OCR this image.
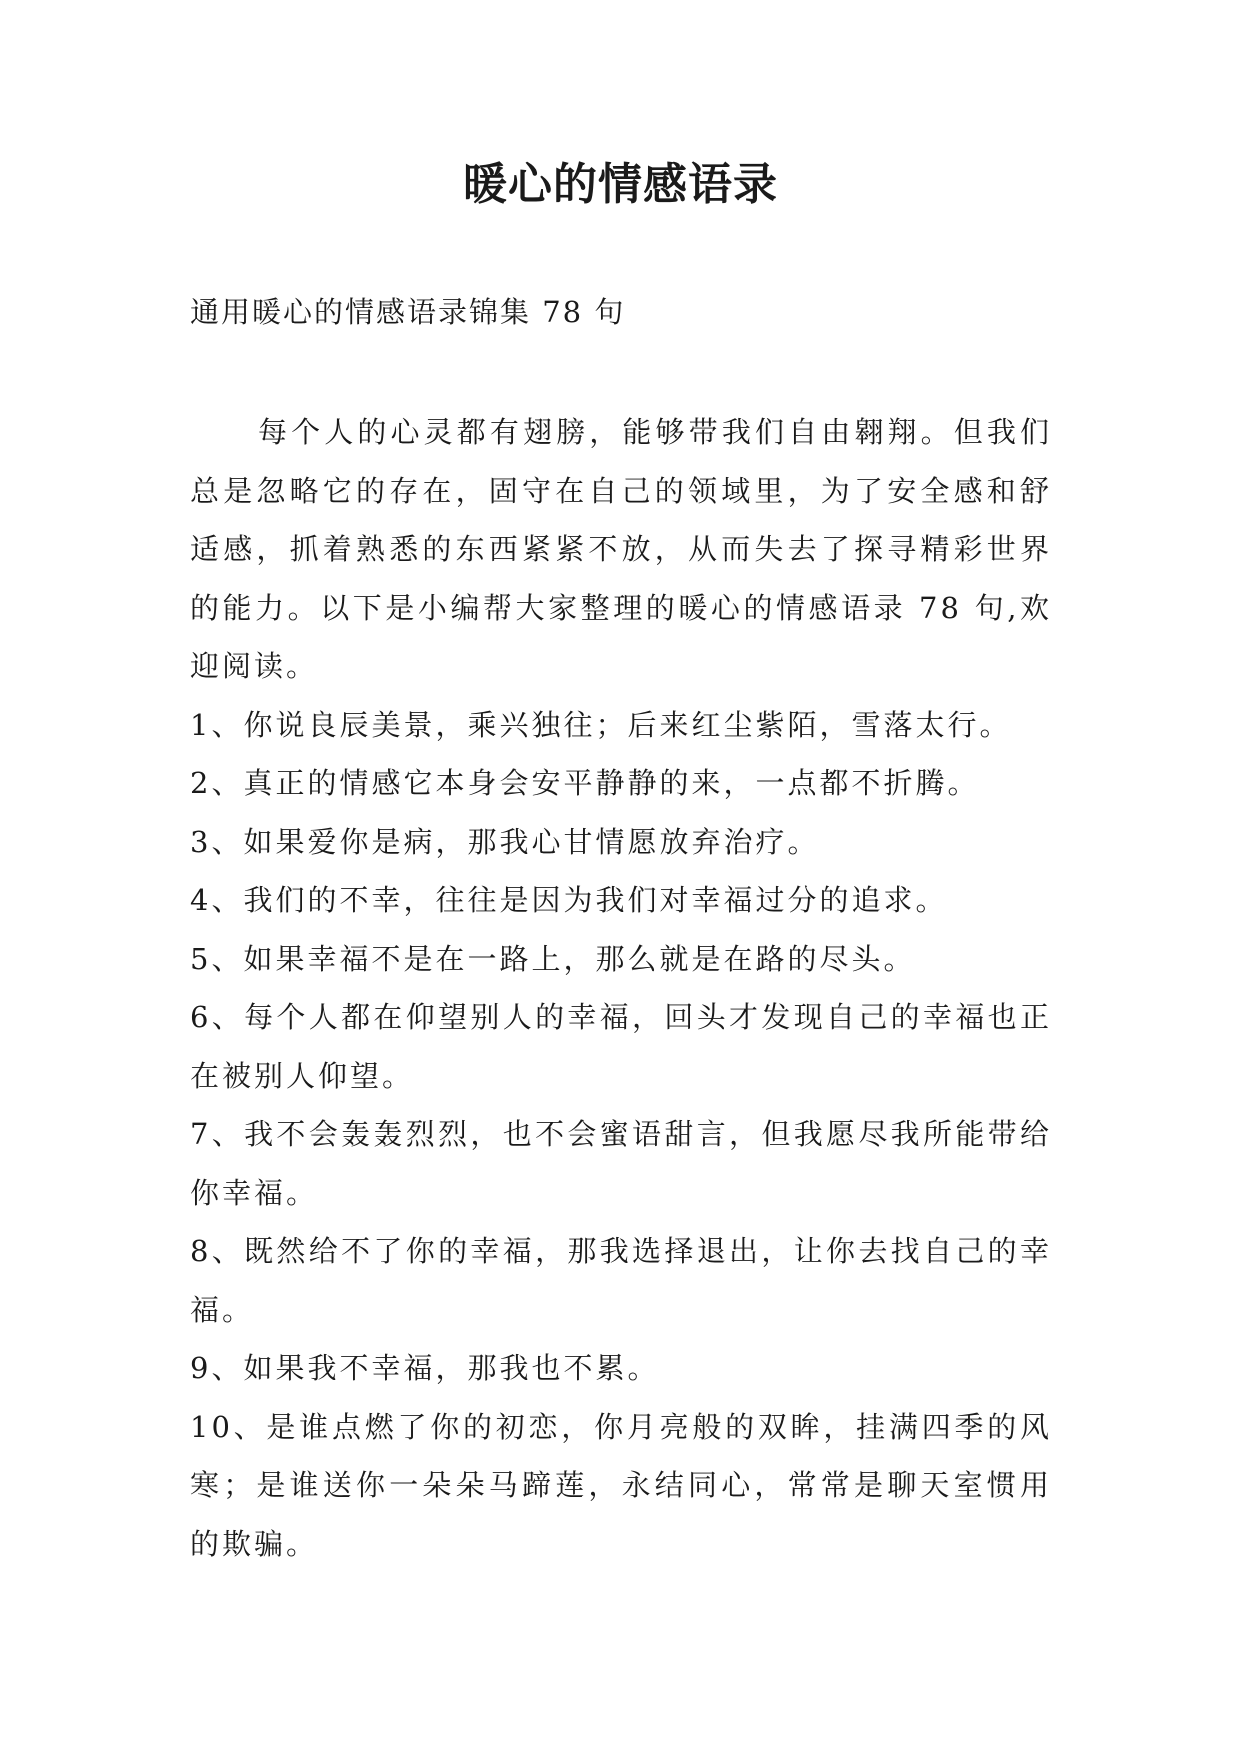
暖心的情感语录

通用暖心的情感语录锦集 78 句

每个人的心灵都有翅膀，能够带我们自由翱翔。但我们总是忽略它的存在，固守在自己的领域里，为了安全感和舒适感，抓着熟悉的东西紧紧不放，从而失去了探寻精彩世界的能力。以下是小编帮大家整理的暖心的情感语录 78 句,欢迎阅读。

1、你说良辰美景，乘兴独往；后来红尘紫陌，雪落太行。

2、真正的情感它本身会安平静静的来，一点都不折腾。

3、如果爱你是病，那我心甘情愿放弃治疗。

4、我们的不幸，往往是因为我们对幸福过分的追求。

5、如果幸福不是在一路上，那么就是在路的尽头。

6、每个人都在仰望别人的幸福，回头才发现自己的幸福也正在被别人仰望。

7、我不会轰轰烈烈，也不会蜜语甜言，但我愿尽我所能带给你幸福。

8、既然给不了你的幸福，那我选择退出，让你去找自己的幸福。

9、如果我不幸福，那我也不累。

10、是谁点燃了你的初恋，你月亮般的双眸，挂满四季的风寒；是谁送你一朵朵马蹄莲，永结同心，常常是聊天室惯用的欺骗。
